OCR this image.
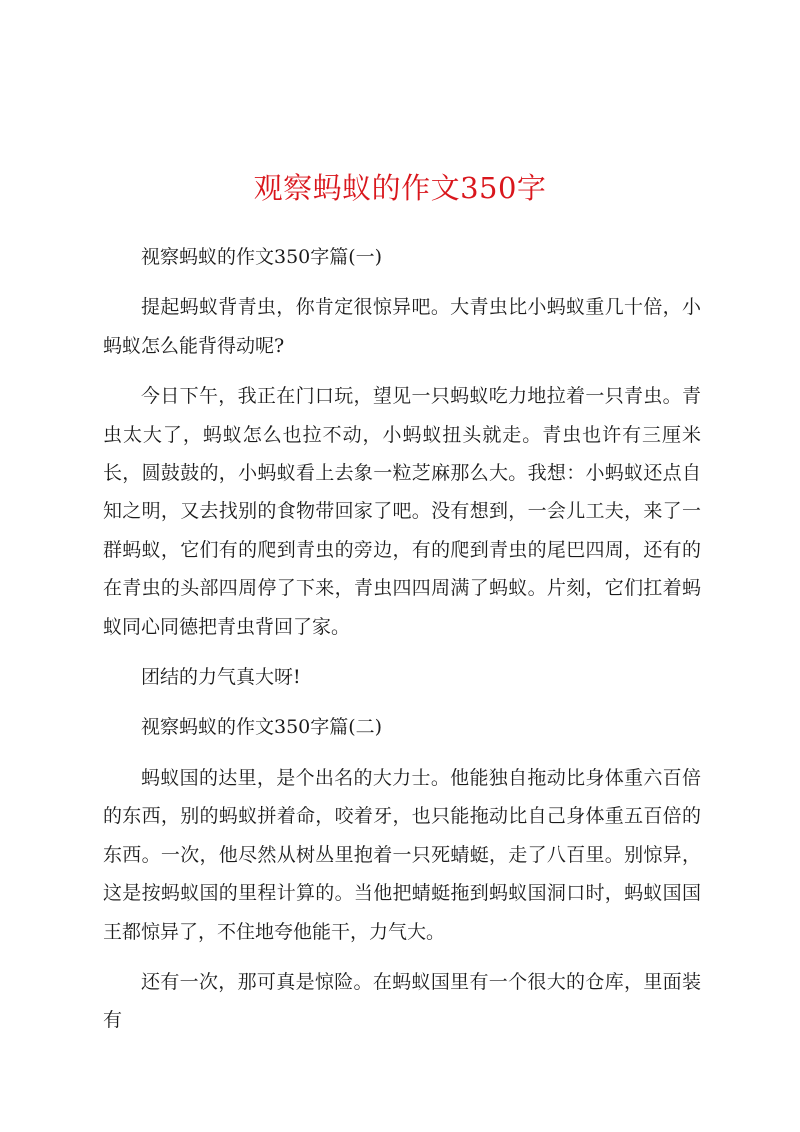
观察蚂蚁的作文350字

视察蚂蚁的作文350字篇(一)

提起蚂蚁背青虫，你肯定很惊异吧。大青虫比小蚂蚁重几十倍，小蚂蚁怎么能背得动呢?

今日下午，我正在门口玩，望见一只蚂蚁吃力地拉着一只青虫。青虫太大了，蚂蚁怎么也拉不动，小蚂蚁扭头就走。青虫也许有三厘米长，圆鼓鼓的，小蚂蚁看上去象一粒芝麻那么大。我想：小蚂蚁还点自知之明，又去找别的食物带回家了吧。没有想到，一会儿工夫，来了一群蚂蚁，它们有的爬到青虫的旁边，有的爬到青虫的尾巴四周，还有的在青虫的头部四周停了下来，青虫四四周满了蚂蚁。片刻，它们扛着蚂蚁同心同德把青虫背回了家。

团结的力气真大呀!

视察蚂蚁的作文350字篇(二)

蚂蚁国的达里，是个出名的大力士。他能独自拖动比身体重六百倍的东西，别的蚂蚁拼着命，咬着牙，也只能拖动比自己身体重五百倍的东西。一次，他尽然从树丛里抱着一只死蜻蜓，走了八百里。别惊异，这是按蚂蚁国的里程计算的。当他把蜻蜓拖到蚂蚁国洞口时，蚂蚁国国王都惊异了，不住地夸他能干，力气大。

还有一次，那可真是惊险。在蚂蚁国里有一个很大的仓库，里面装有
